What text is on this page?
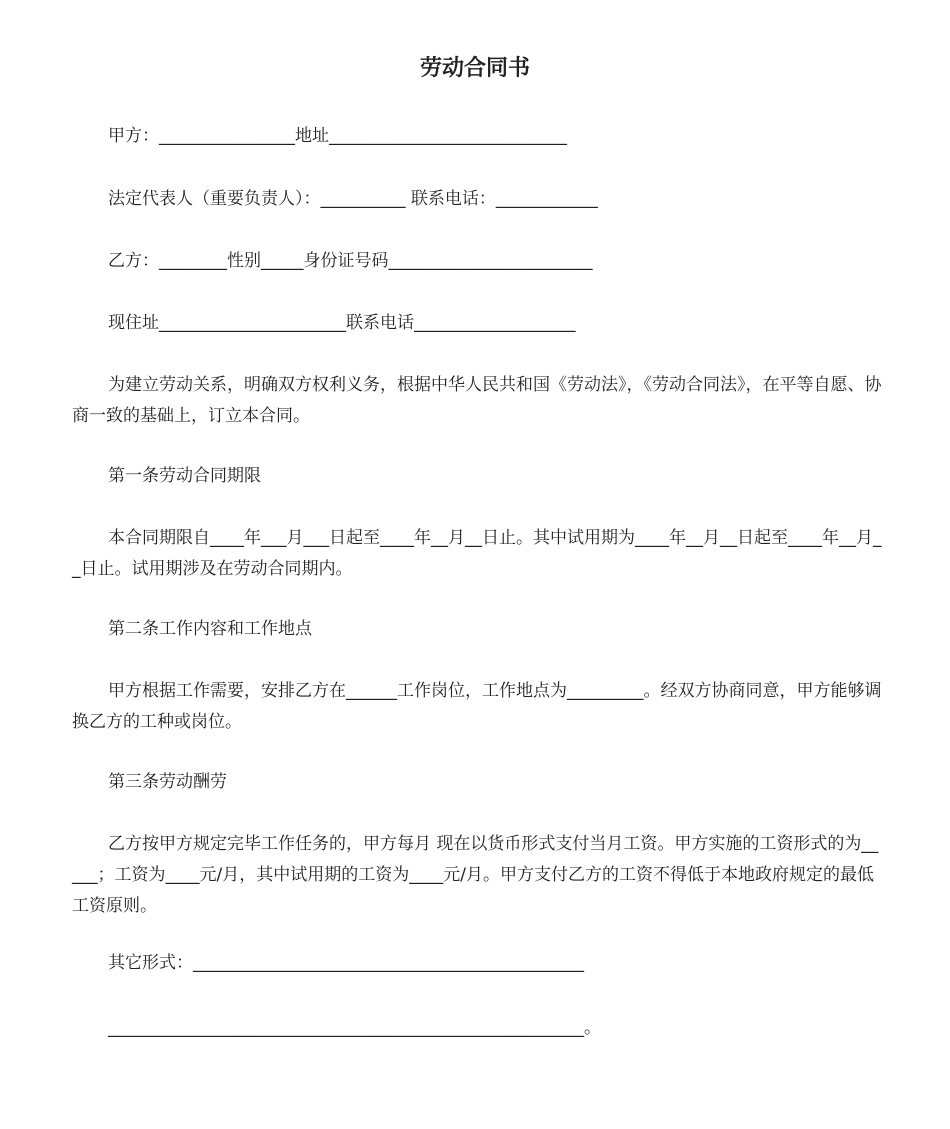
劳动合同书
甲方：________________地址____________________________
法定代表人（重要负责人）：__________ 联系电话：____________
乙方：________性别_____身份证号码________________________
现住址______________________联系电话___________________

为建立劳动关系，明确双方权利义务，根据中华人民共和国《劳动法》，《劳动合同法》，在平等自愿、协商一致的基础上，订立本合同。

第一条劳动合同期限

本合同期限自____年___月___日起至____年__月__日止。其中试用期为____年__月__日起至____年__月__日止。试用期涉及在劳动合同期内。

第二条工作内容和工作地点

甲方根据工作需要，安排乙方在______工作岗位，工作地点为_________。经双方协商同意，甲方能够调换乙方的工种或岗位。

第三条劳动酬劳

乙方按甲方规定完毕工作任务的，甲方每月 现在以货币形式支付当月工资。甲方实施的工资形式的为_____；工资为____元/月，其中试用期的工资为____元/月。甲方支付乙方的工资不得低于本地政府规定的最低工资原则。

其它形式：______________________________________________
________________________________________________________。
